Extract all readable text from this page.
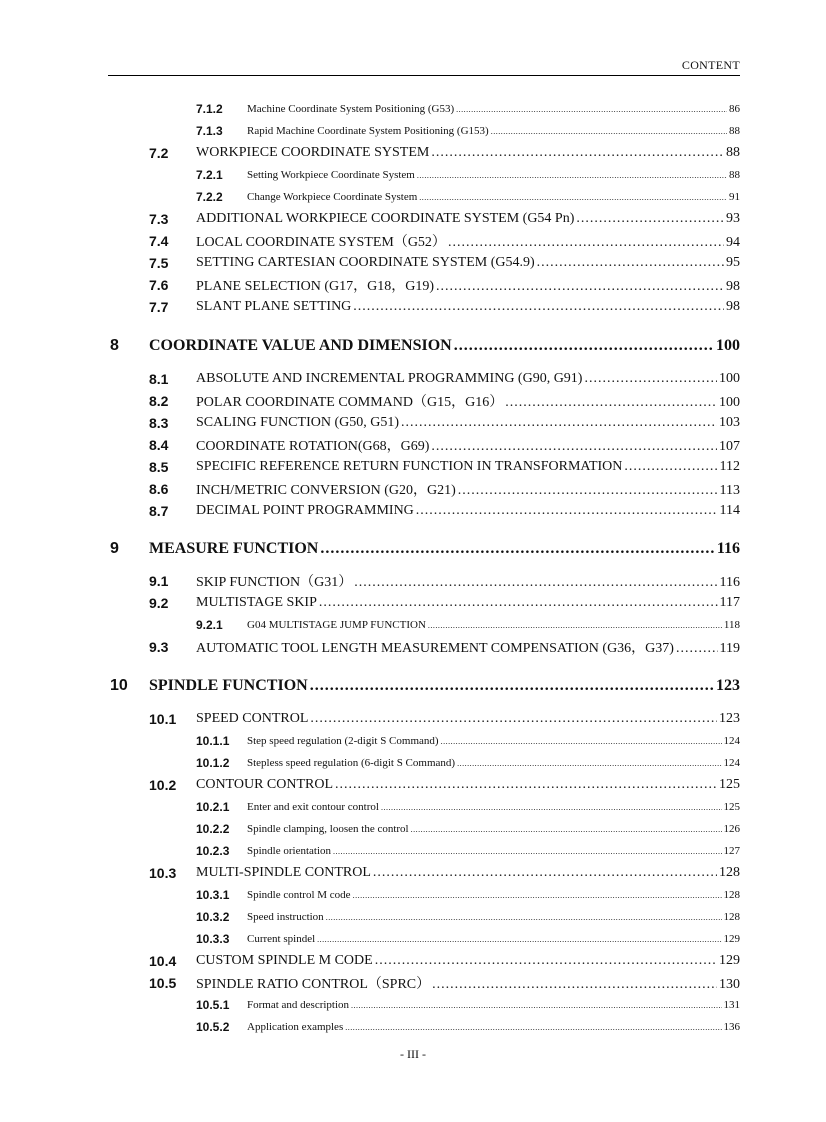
CONTENT
7.1.2 Machine Coordinate System Positioning (G53) .....	86
7.1.3 Rapid Machine Coordinate System Positioning (G153) .....	88
7.2 WORKPIECE COORDINATE SYSTEM .....	88
7.2.1 Setting Workpiece Coordinate System .....	88
7.2.2 Change Workpiece Coordinate System .....	91
7.3 ADDITIONAL WORKPIECE COORDINATE SYSTEM (G54 Pn) .....	93
7.4 LOCAL COORDINATE SYSTEM（G52） .....	94
7.5 SETTING CARTESIAN COORDINATE SYSTEM (G54.9) .....	95
7.6 PLANE SELECTION (G17，G18，G19) .....	98
7.7 SLANT PLANE SETTING .....	98
8 COORDINATE VALUE AND DIMENSION .....	100
8.1 ABSOLUTE AND INCREMENTAL PROGRAMMING (G90, G91) .....	100
8.2 POLAR COORDINATE COMMAND（G15，G16） .....	100
8.3 SCALING FUNCTION (G50, G51) .....	103
8.4 COORDINATE ROTATION(G68，G69) .....	107
8.5 SPECIFIC REFERENCE RETURN FUNCTION IN TRANSFORMATION .....	112
8.6 INCH/METRIC CONVERSION (G20，G21) .....	113
8.7 DECIMAL POINT PROGRAMMING .....	114
9 MEASURE FUNCTION .....	116
9.1 SKIP FUNCTION（G31） .....	116
9.2 MULTISTAGE SKIP .....	117
9.2.1 G04 MULTISTAGE JUMP FUNCTION .....	118
9.3 AUTOMATIC TOOL LENGTH MEASUREMENT COMPENSATION (G36，G37) .....	119
10 SPINDLE FUNCTION .....	123
10.1 SPEED CONTROL .....	123
10.1.1 Step speed regulation (2-digit S Command) .....	124
10.1.2 Stepless speed regulation (6-digit S Command) .....	124
10.2 CONTOUR CONTROL .....	125
10.2.1 Enter and exit contour control .....	125
10.2.2 Spindle clamping, loosen the control .....	126
10.2.3 Spindle orientation .....	127
10.3 MULTI-SPINDLE CONTROL .....	128
10.3.1 Spindle control M code .....	128
10.3.2 Speed instruction .....	128
10.3.3 Current spindel .....	129
10.4 CUSTOM SPINDLE M CODE .....	129
10.5 SPINDLE RATIO CONTROL（SPRC） .....	130
10.5.1 Format and description .....	131
10.5.2 Application examples .....	136
- III -
